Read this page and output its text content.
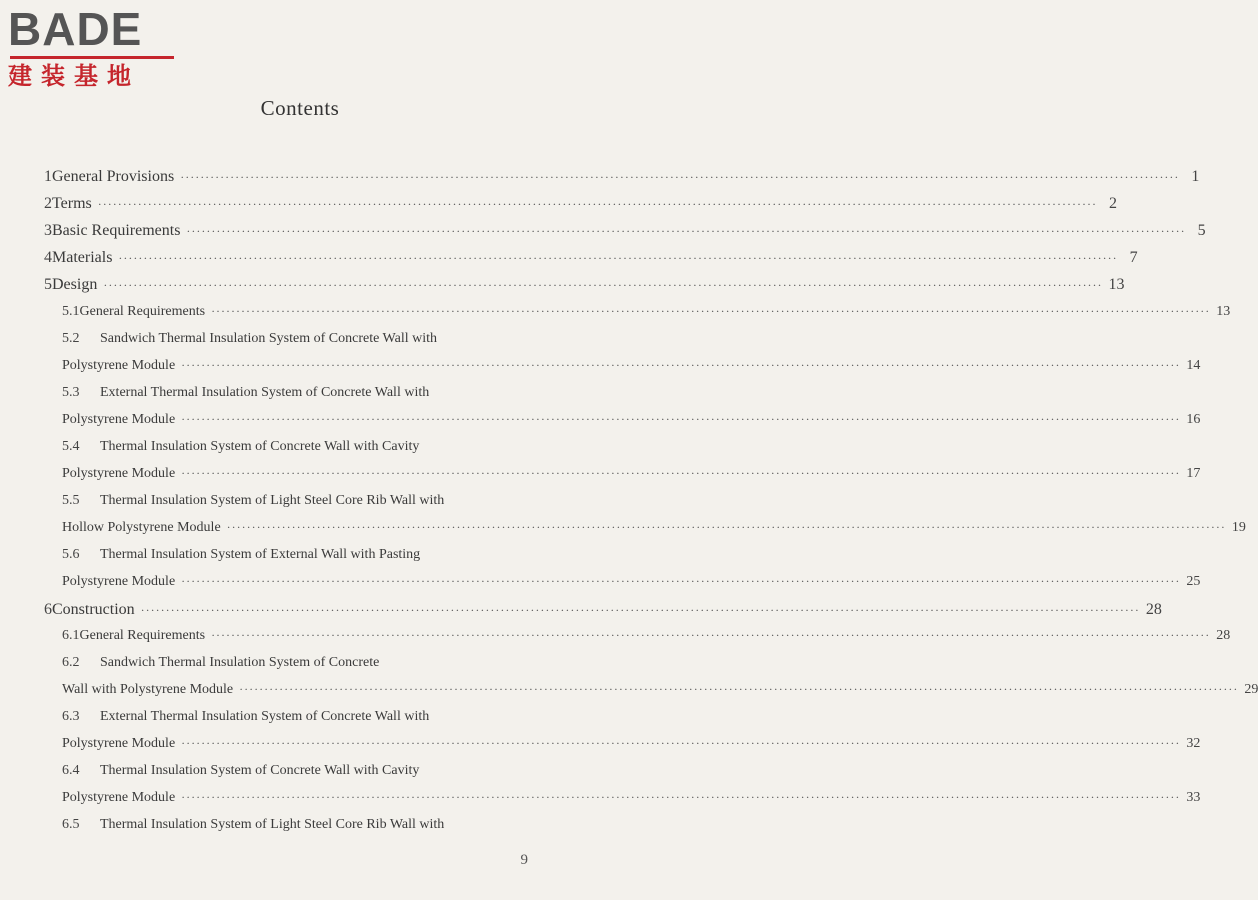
BADE
建装基地
Contents
1 General Provisions ········································································································································································································ 1
2 Terms ········································································································································································································ 2
3 Basic Requirements ········································································································································································································ 5
4 Materials ········································································································································································································ 7
5 Design ········································································································································································································ 13
5.1 General Requirements ········································································································································································································ 13
5.2	Sandwich Thermal Insulation System of Concrete Wall with
Polystyrene Module ········································································································································································································ 14
5.3	External Thermal Insulation System of Concrete Wall with
Polystyrene Module ········································································································································································································ 16
5.4	Thermal Insulation System of Concrete Wall with Cavity
Polystyrene Module ········································································································································································································ 17
5.5	Thermal Insulation System of Light Steel Core Rib Wall with
Hollow Polystyrene Module ········································································································································································································ 19
5.6	Thermal Insulation System of External Wall with Pasting
Polystyrene Module ········································································································································································································ 25
6 Construction ········································································································································································································ 28
6.1 General Requirements ········································································································································································································ 28
6.2	Sandwich Thermal Insulation System of Concrete
Wall with Polystyrene Module ········································································································································································································ 29
6.3	External Thermal Insulation System of Concrete Wall with
Polystyrene Module ········································································································································································································ 32
6.4	Thermal Insulation System of Concrete Wall with Cavity
Polystyrene Module ········································································································································································································ 33
6.5	Thermal Insulation System of Light Steel Core Rib Wall with
9
